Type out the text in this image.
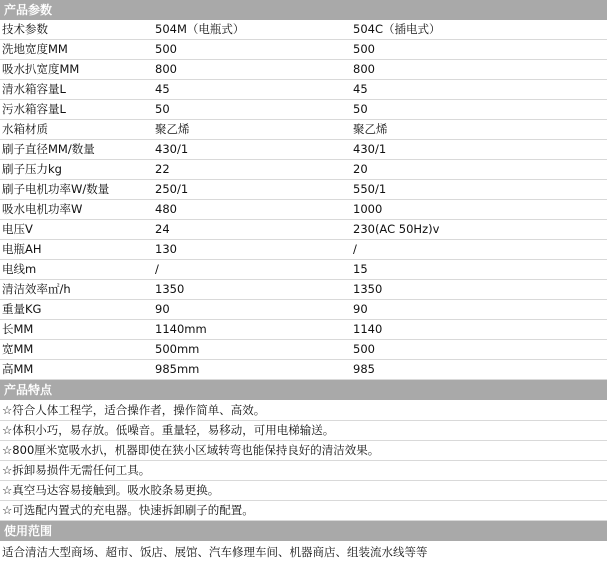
产品参数
技术参数	504M（电瓶式）	504C（插电式）
洗地宽度MM	500	500
吸水扒宽度MM	800	800
清水箱容量L	45	45
污水箱容量L	50	50
水箱材质	聚乙烯	聚乙烯
刷子直径MM/数量	430/1	430/1
刷子压力kg	22	20
刷子电机功率W/数量	250/1	550/1
吸水电机功率W	480	1000
电压V	24	230(AC 50Hz)v
电瓶AH	130	/
电线m	/	15
清洁效率㎡/h	1350	1350
重量KG	90	90
长MM	1140mm	1140
宽MM	500mm	500
高MM	985mm	985
产品特点
☆符合人体工程学，适合操作者，操作简单、高效。
☆体积小巧，易存放。低噪音。重量轻，易移动，可用电梯输送。
☆800厘米宽吸水扒，机器即使在狭小区域转弯也能保持良好的清洁效果。
☆拆卸易损件无需任何工具。
☆真空马达容易接触到。吸水胶条易更换。
☆可选配内置式的充电器。快速拆卸刷子的配置。
使用范围
适合清洁大型商场、超市、饭店、展馆、汽车修理车间、机器商店、组装流水线等等
